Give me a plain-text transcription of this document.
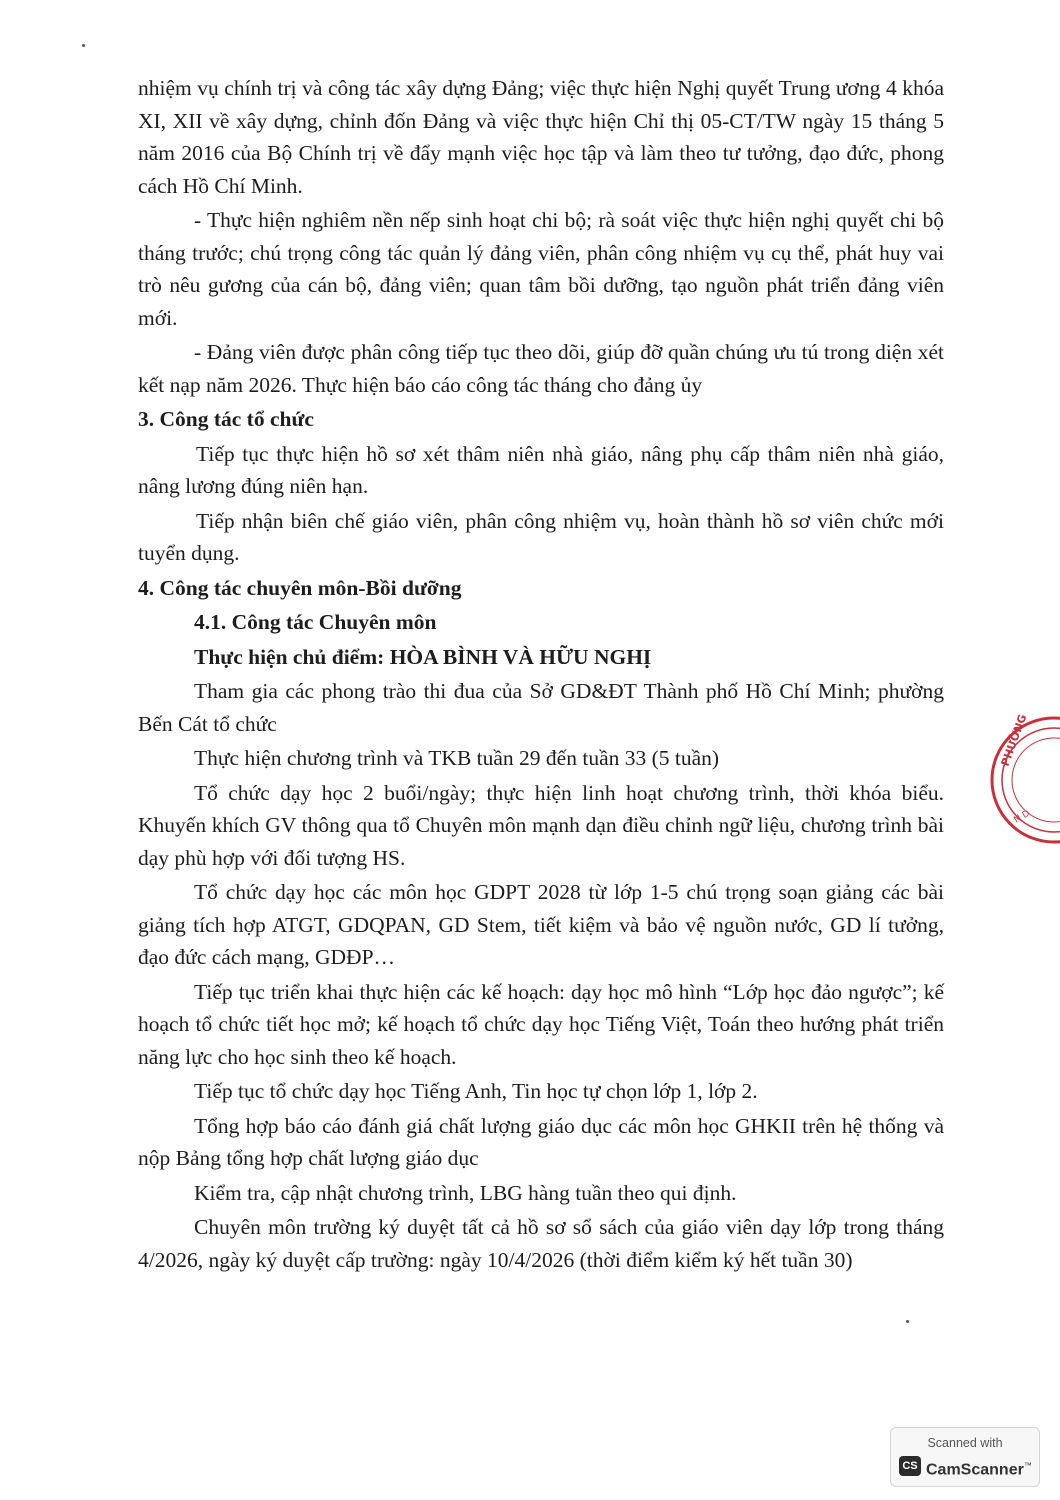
nhiệm vụ chính trị và công tác xây dựng Đảng; việc thực hiện Nghị quyết Trung ương 4 khóa XI, XII về xây dựng, chỉnh đốn Đảng và việc thực hiện Chỉ thị 05-CT/TW ngày 15 tháng 5 năm 2016 của Bộ Chính trị về đẩy mạnh việc học tập và làm theo tư tưởng, đạo đức, phong cách Hồ Chí Minh.

- Thực hiện nghiêm nền nếp sinh hoạt chi bộ; rà soát việc thực hiện nghị quyết chi bộ tháng trước; chú trọng công tác quản lý đảng viên, phân công nhiệm vụ cụ thể, phát huy vai trò nêu gương của cán bộ, đảng viên; quan tâm bồi dưỡng, tạo nguồn phát triển đảng viên mới.

- Đảng viên được phân công tiếp tục theo dõi, giúp đỡ quần chúng ưu tú trong diện xét kết nạp năm 2026. Thực hiện báo cáo công tác tháng cho đảng ủy

3. Công tác tổ chức

Tiếp tục thực hiện hồ sơ xét thâm niên nhà giáo, nâng phụ cấp thâm niên nhà giáo, nâng lương đúng niên hạn.

Tiếp nhận biên chế giáo viên, phân công nhiệm vụ, hoàn thành hồ sơ viên chức mới tuyển dụng.

4. Công tác chuyên môn-Bồi dưỡng

4.1. Công tác Chuyên môn

Thực hiện chủ điểm: HÒA BÌNH VÀ HỮU NGHỊ

Tham gia các phong trào thi đua của Sở GD&ĐT Thành phố Hồ Chí Minh; phường Bến Cát tổ chức

Thực hiện chương trình và TKB tuần 29 đến tuần 33 (5 tuần)

Tổ chức dạy học 2 buổi/ngày; thực hiện linh hoạt chương trình, thời khóa biểu. Khuyến khích GV thông qua tổ Chuyên môn mạnh dạn điều chỉnh ngữ liệu, chương trình bài dạy phù hợp với đối tượng HS.

Tổ chức dạy học các môn học GDPT 2028 từ lớp 1-5 chú trọng soạn giảng các bài giảng tích hợp ATGT, GDQPAN, GD Stem, tiết kiệm và bảo vệ nguồn nước, GD lí tưởng, đạo đức cách mạng, GDĐP…

Tiếp tục triển khai thực hiện các kế hoạch: dạy học mô hình “Lớp học đảo ngược”; kế hoạch tổ chức tiết học mở; kế hoạch tổ chức dạy học Tiếng Việt, Toán theo hướng phát triển năng lực cho học sinh theo kế hoạch.

Tiếp tục tổ chức dạy học Tiếng Anh, Tin học tự chọn lớp 1, lớp 2.

Tổng hợp báo cáo đánh giá chất lượng giáo dục các môn học GHKII trên hệ thống và nộp Bảng tổng hợp chất lượng giáo dục

Kiểm tra, cập nhật chương trình, LBG hàng tuần theo qui định.

Chuyên môn trường ký duyệt tất cả hồ sơ sổ sách của giáo viên dạy lớp trong tháng 4/2026, ngày ký duyệt cấp trường: ngày 10/4/2026 (thời điểm kiểm ký hết tuần 30)

PHƯỜNG
N D
Scanned with
CS CamScanner™
